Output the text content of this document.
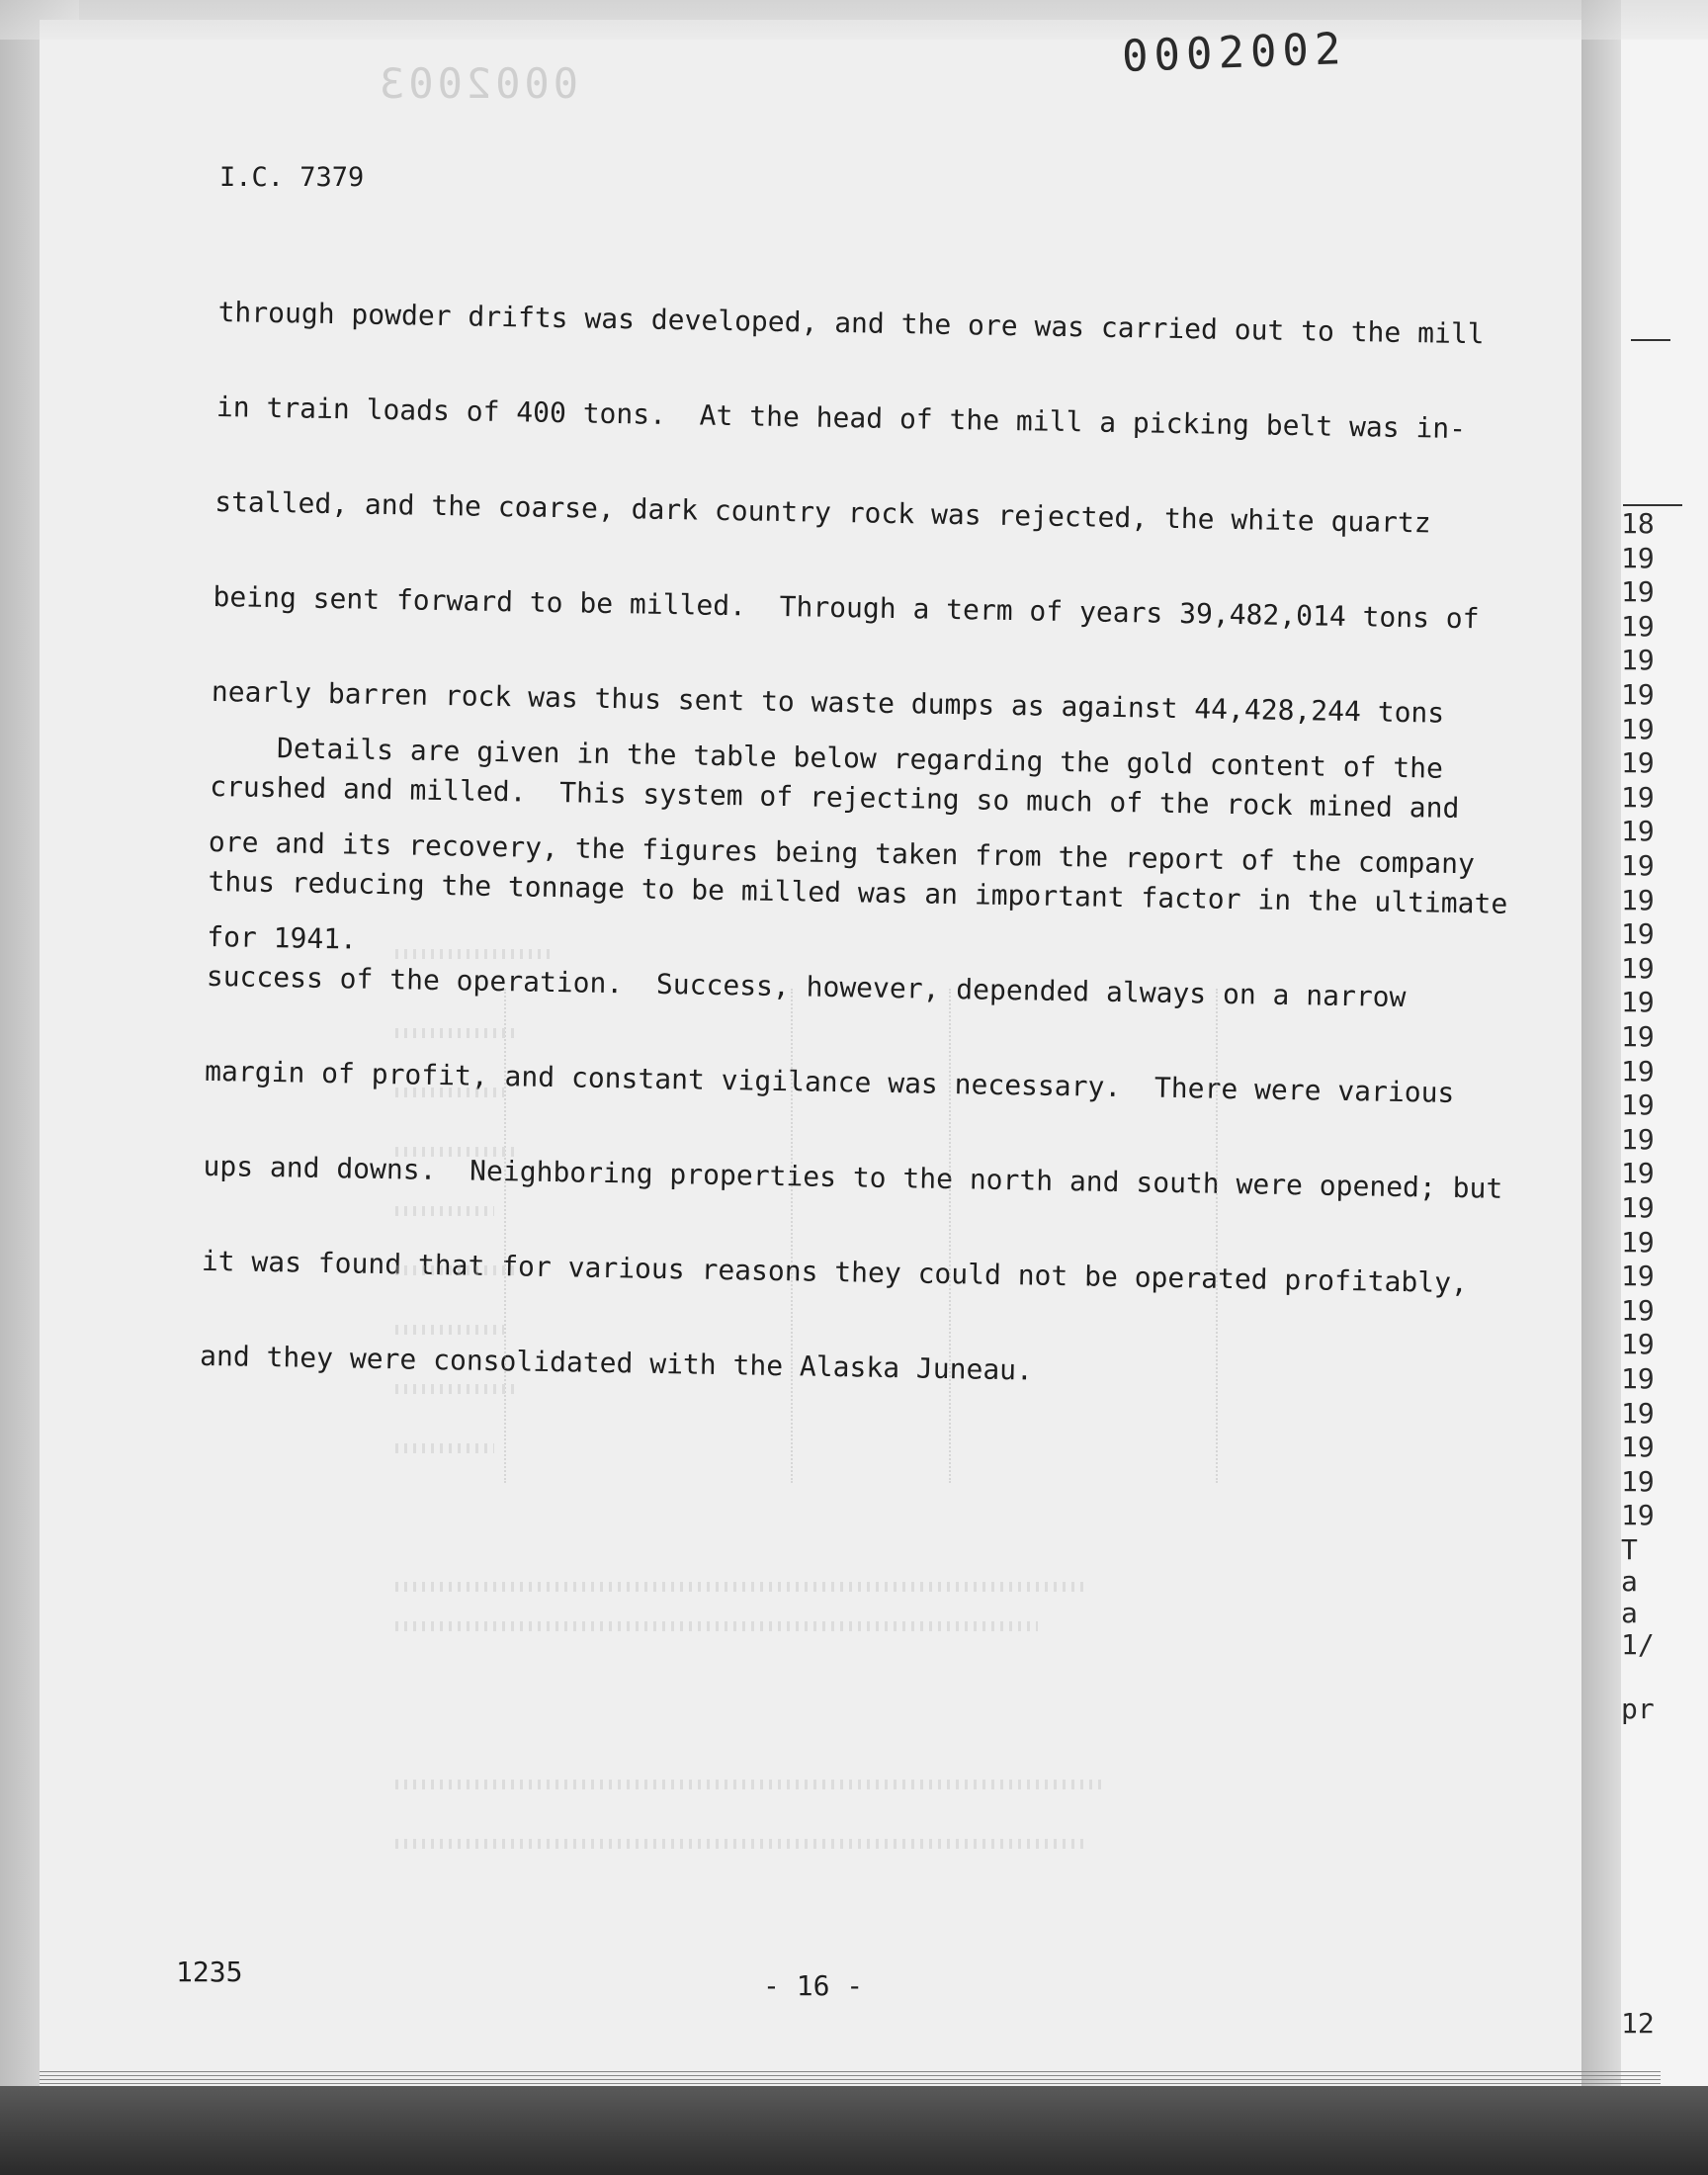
0002003
0002002
I.C. 7379

through powder drifts was developed, and the ore was carried out to the mill

in train loads of 400 tons.  At the head of the mill a picking belt was in-

stalled, and the coarse, dark country rock was rejected, the white quartz

being sent forward to be milled.  Through a term of years 39,482,014 tons of

nearly barren rock was thus sent to waste dumps as against 44,428,244 tons

crushed and milled.  This system of rejecting so much of the rock mined and

thus reducing the tonnage to be milled was an important factor in the ultimate

success of the operation.  Success, however, depended always on a narrow

margin of profit, and constant vigilance was necessary.  There were various

ups and downs.  Neighboring properties to the north and south were opened; but

it was found that for various reasons they could not be operated profitably,

and they were consolidated with the Alaska Juneau.

Details are given in the table below regarding the gold content of the

ore and its recovery, the figures being taken from the report of the company

for 1941.

1235	- 16 -
18
19
19
19
19
19
19
19
19
19
19
19
19
19
19
19
19
19
19
19
19
19
19
19
19
19
19
19
19
19
T
a
a
1/
pr
12
